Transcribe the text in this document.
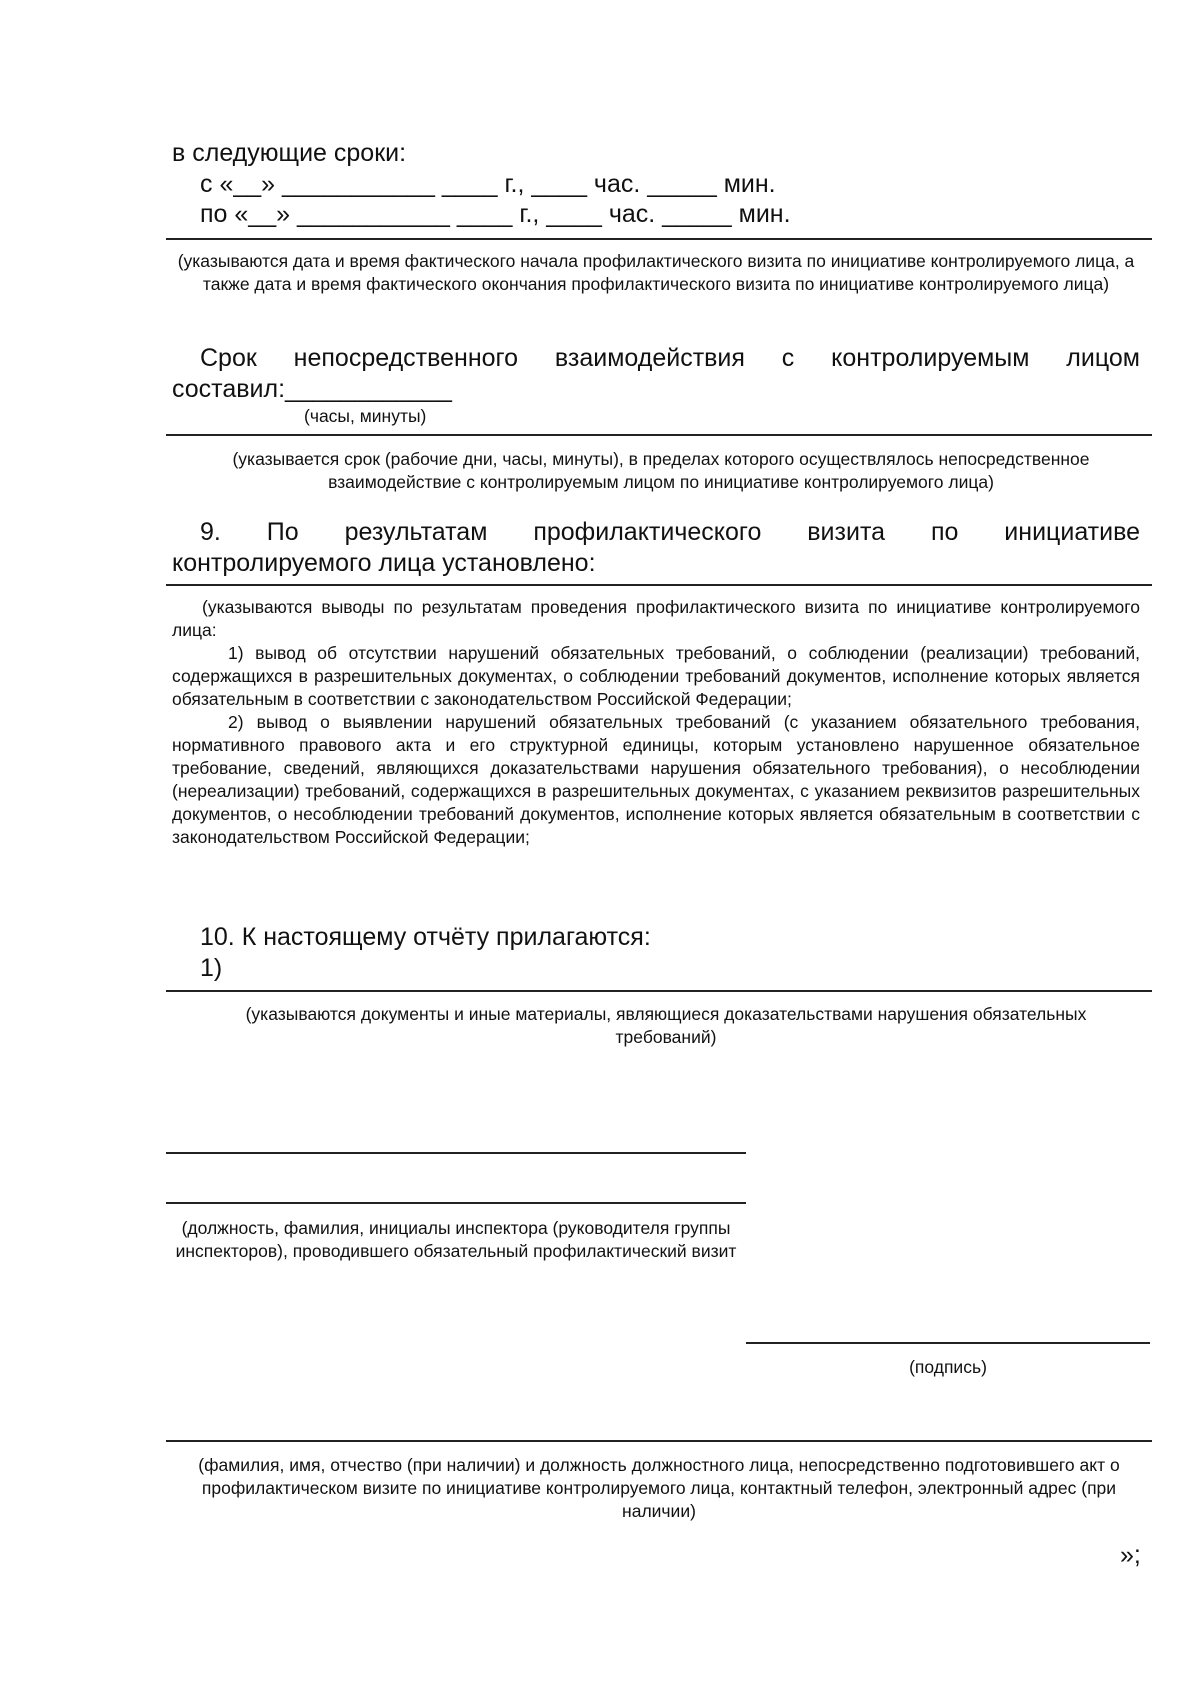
в следующие сроки:
с «__» ___________ ____ г., ____ час. _____ мин.
по «__» ___________ ____ г., ____ час. _____ мин.
(указываются дата и время фактического начала профилактического визита по инициативе контролируемого лица, а также дата и время фактического окончания профилактического визита по инициативе контролируемого лица)
Срок непосредственного взаимодействия с контролируемым лицом
составил:____________
(часы, минуты)
(указывается срок (рабочие дни, часы, минуты), в пределах которого осуществлялось непосредственное взаимодействие с контролируемым лицом по инициативе контролируемого лица)
9. По результатам профилактического визита по инициативе
контролируемого лица установлено:
(указываются выводы по результатам проведения профилактического визита по инициативе контролируемого лица:
1) вывод об отсутствии нарушений обязательных требований, о соблюдении (реализации) требований, содержащихся в разрешительных документах, о соблюдении требований документов, исполнение которых является обязательным в соответствии с законодательством Российской Федерации;
2) вывод о выявлении нарушений обязательных требований (с указанием обязательного требования, нормативного правового акта и его структурной единицы, которым установлено нарушенное обязательное требование, сведений, являющихся доказательствами нарушения обязательного требования), о несоблюдении (нереализации) требований, содержащихся в разрешительных документах, с указанием реквизитов разрешительных документов, о несоблюдении требований документов, исполнение которых является обязательным в соответствии с законодательством Российской Федерации;
10. К настоящему отчёту прилагаются:
1)
(указываются документы и иные материалы, являющиеся доказательствами нарушения обязательных требований)
(должность, фамилия, инициалы инспектора (руководителя группы инспекторов), проводившего обязательный профилактический визит
(подпись)
(фамилия, имя, отчество (при наличии) и должность должностного лица, непосредственно подготовившего акт о профилактическом визите по инициативе контролируемого лица, контактный телефон, электронный адрес (при наличии)
»;
